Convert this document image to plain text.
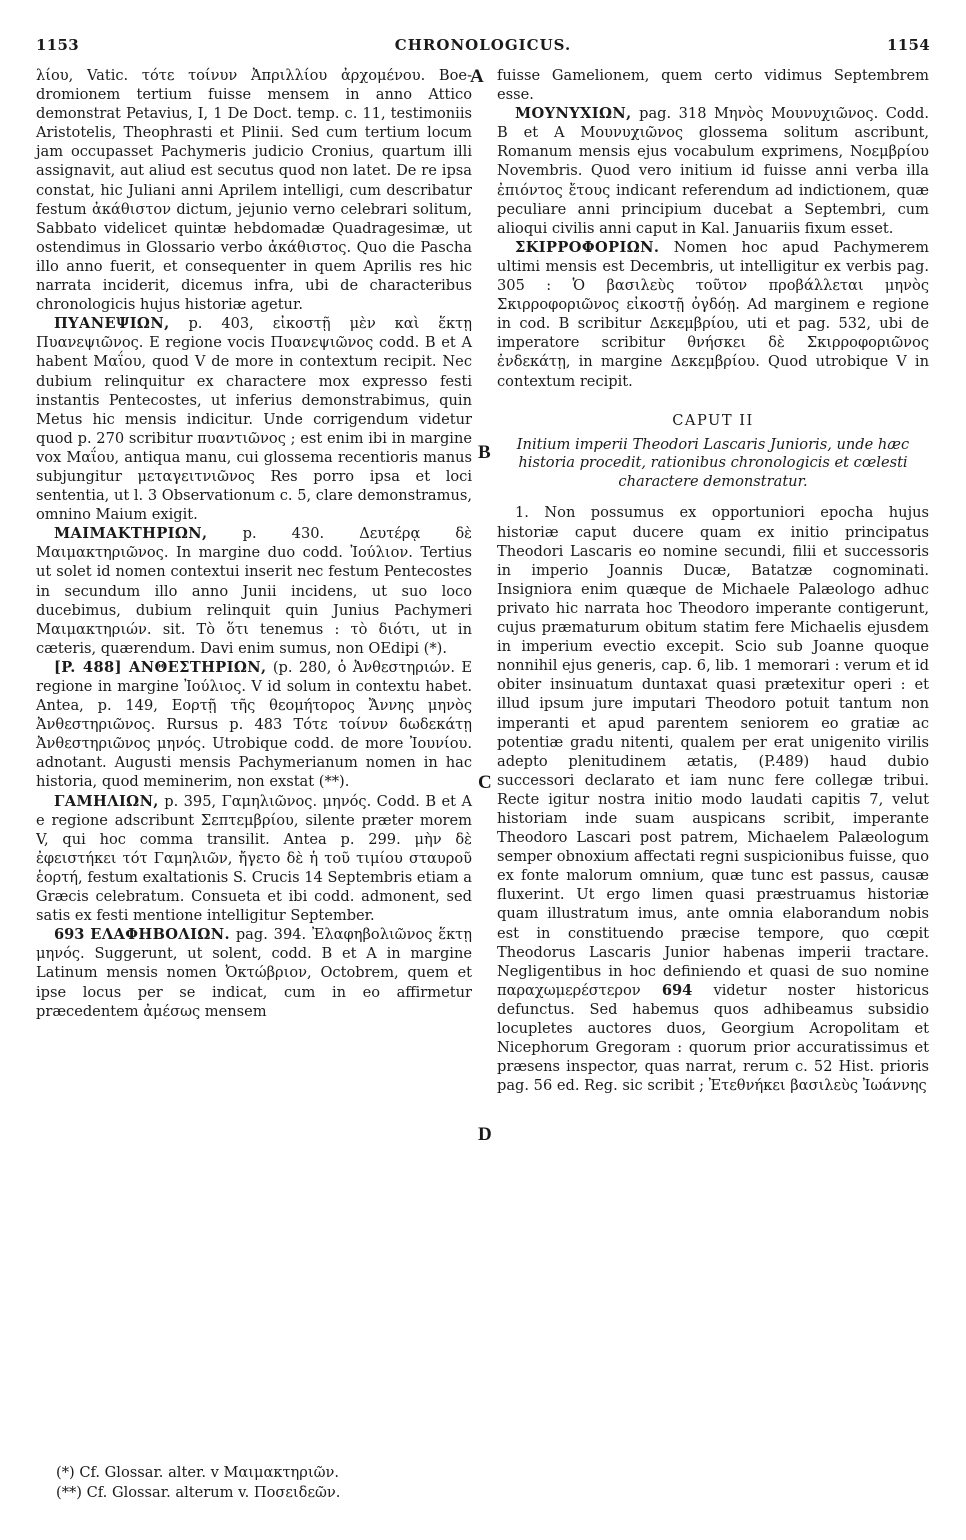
1153	CHRONOLOGICUS.	1154
A
B
C
D

λίου, Vatic. τότε τοίνυν Ἀπριλλίου ἀρχομένου. Boe-dromionem tertium fuisse mensem in anno Attico demonstrat Petavius, I, 1 De Doct. temp. c. 11, testimoniis Aristotelis, Theophrasti et Plinii. Sed cum tertium locum jam occupasset Pachymeris judicio Cronius, quartum illi assignavit, aut aliud est secutus quod non latet. De re ipsa constat, hic Juliani anni Aprilem intelligi, cum describatur festum ἀκάθιστον dictum, jejunio verno celebrari solitum, Sabbato videlicet quintæ hebdomadæ Quadragesimæ, ut ostendimus in Glossario verbo ἀκάθιστος. Quo die Pascha illo anno fuerit, et consequenter in quem Aprilis res hic narrata inciderit, dicemus infra, ubi de characteribus chronologicis hujus historiæ agetur.

ΠΥΑΝΕΨΙΩΝ, p. 403, εἰκοστῇ μὲν καὶ ἕκτῃ Πυανεψιῶνος. E regione vocis Πυανεψιῶνος codd. B et A habent Μαΐου, quod V de more in contextum recipit. Nec dubium relinquitur ex charactere mox expresso festi instantis Pentecostes, ut inferius demonstrabimus, quin Metus hic mensis indicitur. Unde corrigendum videtur quod p. 270 scribitur πυαντιῶνος ; est enim ibi in margine vox Μαΐου, antiqua manu, cui glossema recentioris manus subjungitur μεταγειτνιῶνος Res porro ipsa et loci sententia, ut l. 3 Observationum c. 5, clare demonstramus, omnino Maium exigit.

ΜΑΙΜΑΚΤΗΡΙΩΝ, p. 430. Δευτέρᾳ δὲ Μαιμακτηριῶνος. In margine duo codd. Ἰούλιον. Tertius ut solet id nomen contextui inserit nec festum Pentecostes in secundum illo anno Junii incidens, ut suo loco ducebimus, dubium relinquit quin Junius Pachymeri Μαιμακτηριών. sit. Τὸ ὅτι tenemus : τὸ διότι, ut in cæteris, quærendum. Davi enim sumus, non OEdipi (*).

[P. 488] ΑΝΘΕΣΤΗΡΙΩΝ, (p. 280, ὁ Ἀνθεστηριών. E regione in margine Ἰούλιος. V id solum in contextu habet. Antea, p. 149, Εορτῇ τῆς θεομήτορος Ἄννης μηνὸς Ἀνθεστηριῶνος. Rursus p. 483 Τότε τοίνυν δωδεκάτῃ Ἀνθεστηριῶνος μηνός. Utrobique codd. de more Ἰουνίου. adnotant. Augusti mensis Pachymerianum nomen in hac historia, quod meminerim, non exstat (**).

ΓΑΜΗΛΙΩΝ, p. 395, Γαμηλιῶνος. μηνός. Codd. B et A e regione adscribunt Σεπτεμβρίου, silente præter morem V, qui hoc comma transilit. Antea p. 299. μὴν δὲ ἐφειστήκει τότ Γαμηλιῶν, ἤγετο δὲ ἡ τοῦ τιμίου σταυροῦ ἑορτή, festum exaltationis S. Crucis 14 Septembris etiam a Græcis celebratum. Consueta et ibi codd. admonent, sed satis ex festi mentione intelligitur September.

693 ΕΛΑΦΗΒΟΛΙΩΝ. pag. 394. Ἐλαφηβολιῶνος ἕκτῃ μηνός. Suggerunt, ut solent, codd. B et A in margine Latinum mensis nomen Ὀκτώβριον, Octobrem, quem et ipse locus per se indicat, cum in eo affirmetur præcedentem ἀμέσως mensem

fuisse Gamelionem, quem certo vidimus Septembrem esse.

ΜΟΥΝΥΧΙΩΝ, pag. 318 Μηνὸς Μουνυχιῶνος. Codd. B et A Μουνυχιῶνος glossema solitum ascribunt, Romanum mensis ejus vocabulum exprimens, Νοεμβρίου Novembris. Quod vero initium id fuisse anni verba illa ἐπιόντος ἔτους indicant referendum ad indictionem, quæ peculiare anni principium ducebat a Septembri, cum alioqui civilis anni caput in Kal. Januariis fixum esset.

ΣΚΙΡΡΟΦΟΡΙΩΝ. Nomen hoc apud Pachymerem ultimi mensis est Decembris, ut intelligitur ex verbis pag. 305 : Ὁ βασιλεὺς τοῦτον προβάλλεται μηνὸς Σκιρροφοριῶνος εἰκοστῇ ὀγδόῃ. Ad marginem e regione in cod. B scribitur Δεκεμβρίου, uti et pag. 532, ubi de imperatore scribitur θνήσκει δὲ Σκιρροφοριῶνος ἐνδεκάτῃ, in margine Δεκεμβρίου. Quod utrobique V in contextum recipit.

CAPUT II
Initium imperii Theodori Lascaris Junioris, unde hæc historia procedit, rationibus chronologicis et cœlesti charactere demonstratur.

1. Non possumus ex opportuniori epocha hujus historiæ caput ducere quam ex initio principatus Theodori Lascaris eo nomine secundi, filii et successoris in imperio Joannis Ducæ, Batatzæ cognominati. Insigniora enim quæque de Michaele Palæologo adhuc privato hic narrata hoc Theodoro imperante contigerunt, cujus præmaturum obitum statim fere Michaelis ejusdem in imperium evectio excepit. Scio sub Joanne quoque nonnihil ejus generis, cap. 6, lib. 1 memorari : verum et id obiter insinuatum duntaxat quasi prætexitur operi : et illud ipsum jure imputari Theodoro potuit tantum non imperanti et apud parentem seniorem eo gratiæ ac potentiæ gradu nitenti, qualem per erat unigenito virilis adepto plenitudinem ætatis, (P.489) haud dubio successori declarato et iam nunc fere collegæ tribui. Recte igitur nostra initio modo laudati capitis 7, velut historiam inde suam auspicans scribit, imperante Theodoro Lascari post patrem, Michaelem Palæologum semper obnoxium affectati regni suspicionibus fuisse, quo ex fonte malorum omnium, quæ tunc est passus, causæ fluxerint. Ut ergo limen quasi præstruamus historiæ quam illustratum imus, ante omnia elaborandum nobis est in constituendo præcise tempore, quo cœpit Theodorus Lascaris Junior habenas imperii tractare. Negligentibus in hoc definiendo et quasi de suo nomine παραχωμερέστερον 694 videtur noster historicus defunctus. Sed habemus quos adhibeamus subsidio locupletes auctores duos, Georgium Acropolitam et Nicephorum Gregoram : quorum prior accuratissimus et præsens inspector, quas narrat, rerum c. 52 Hist. prioris pag. 56 ed. Reg. sic scribit ; Ἐτεθνήκει βασιλεὺς Ἰωάννης

(*) Cf. Glossar. alter. v Μαιμακτηριῶν.
(**) Cf. Glossar. alterum v. Ποσειδεῶν.
